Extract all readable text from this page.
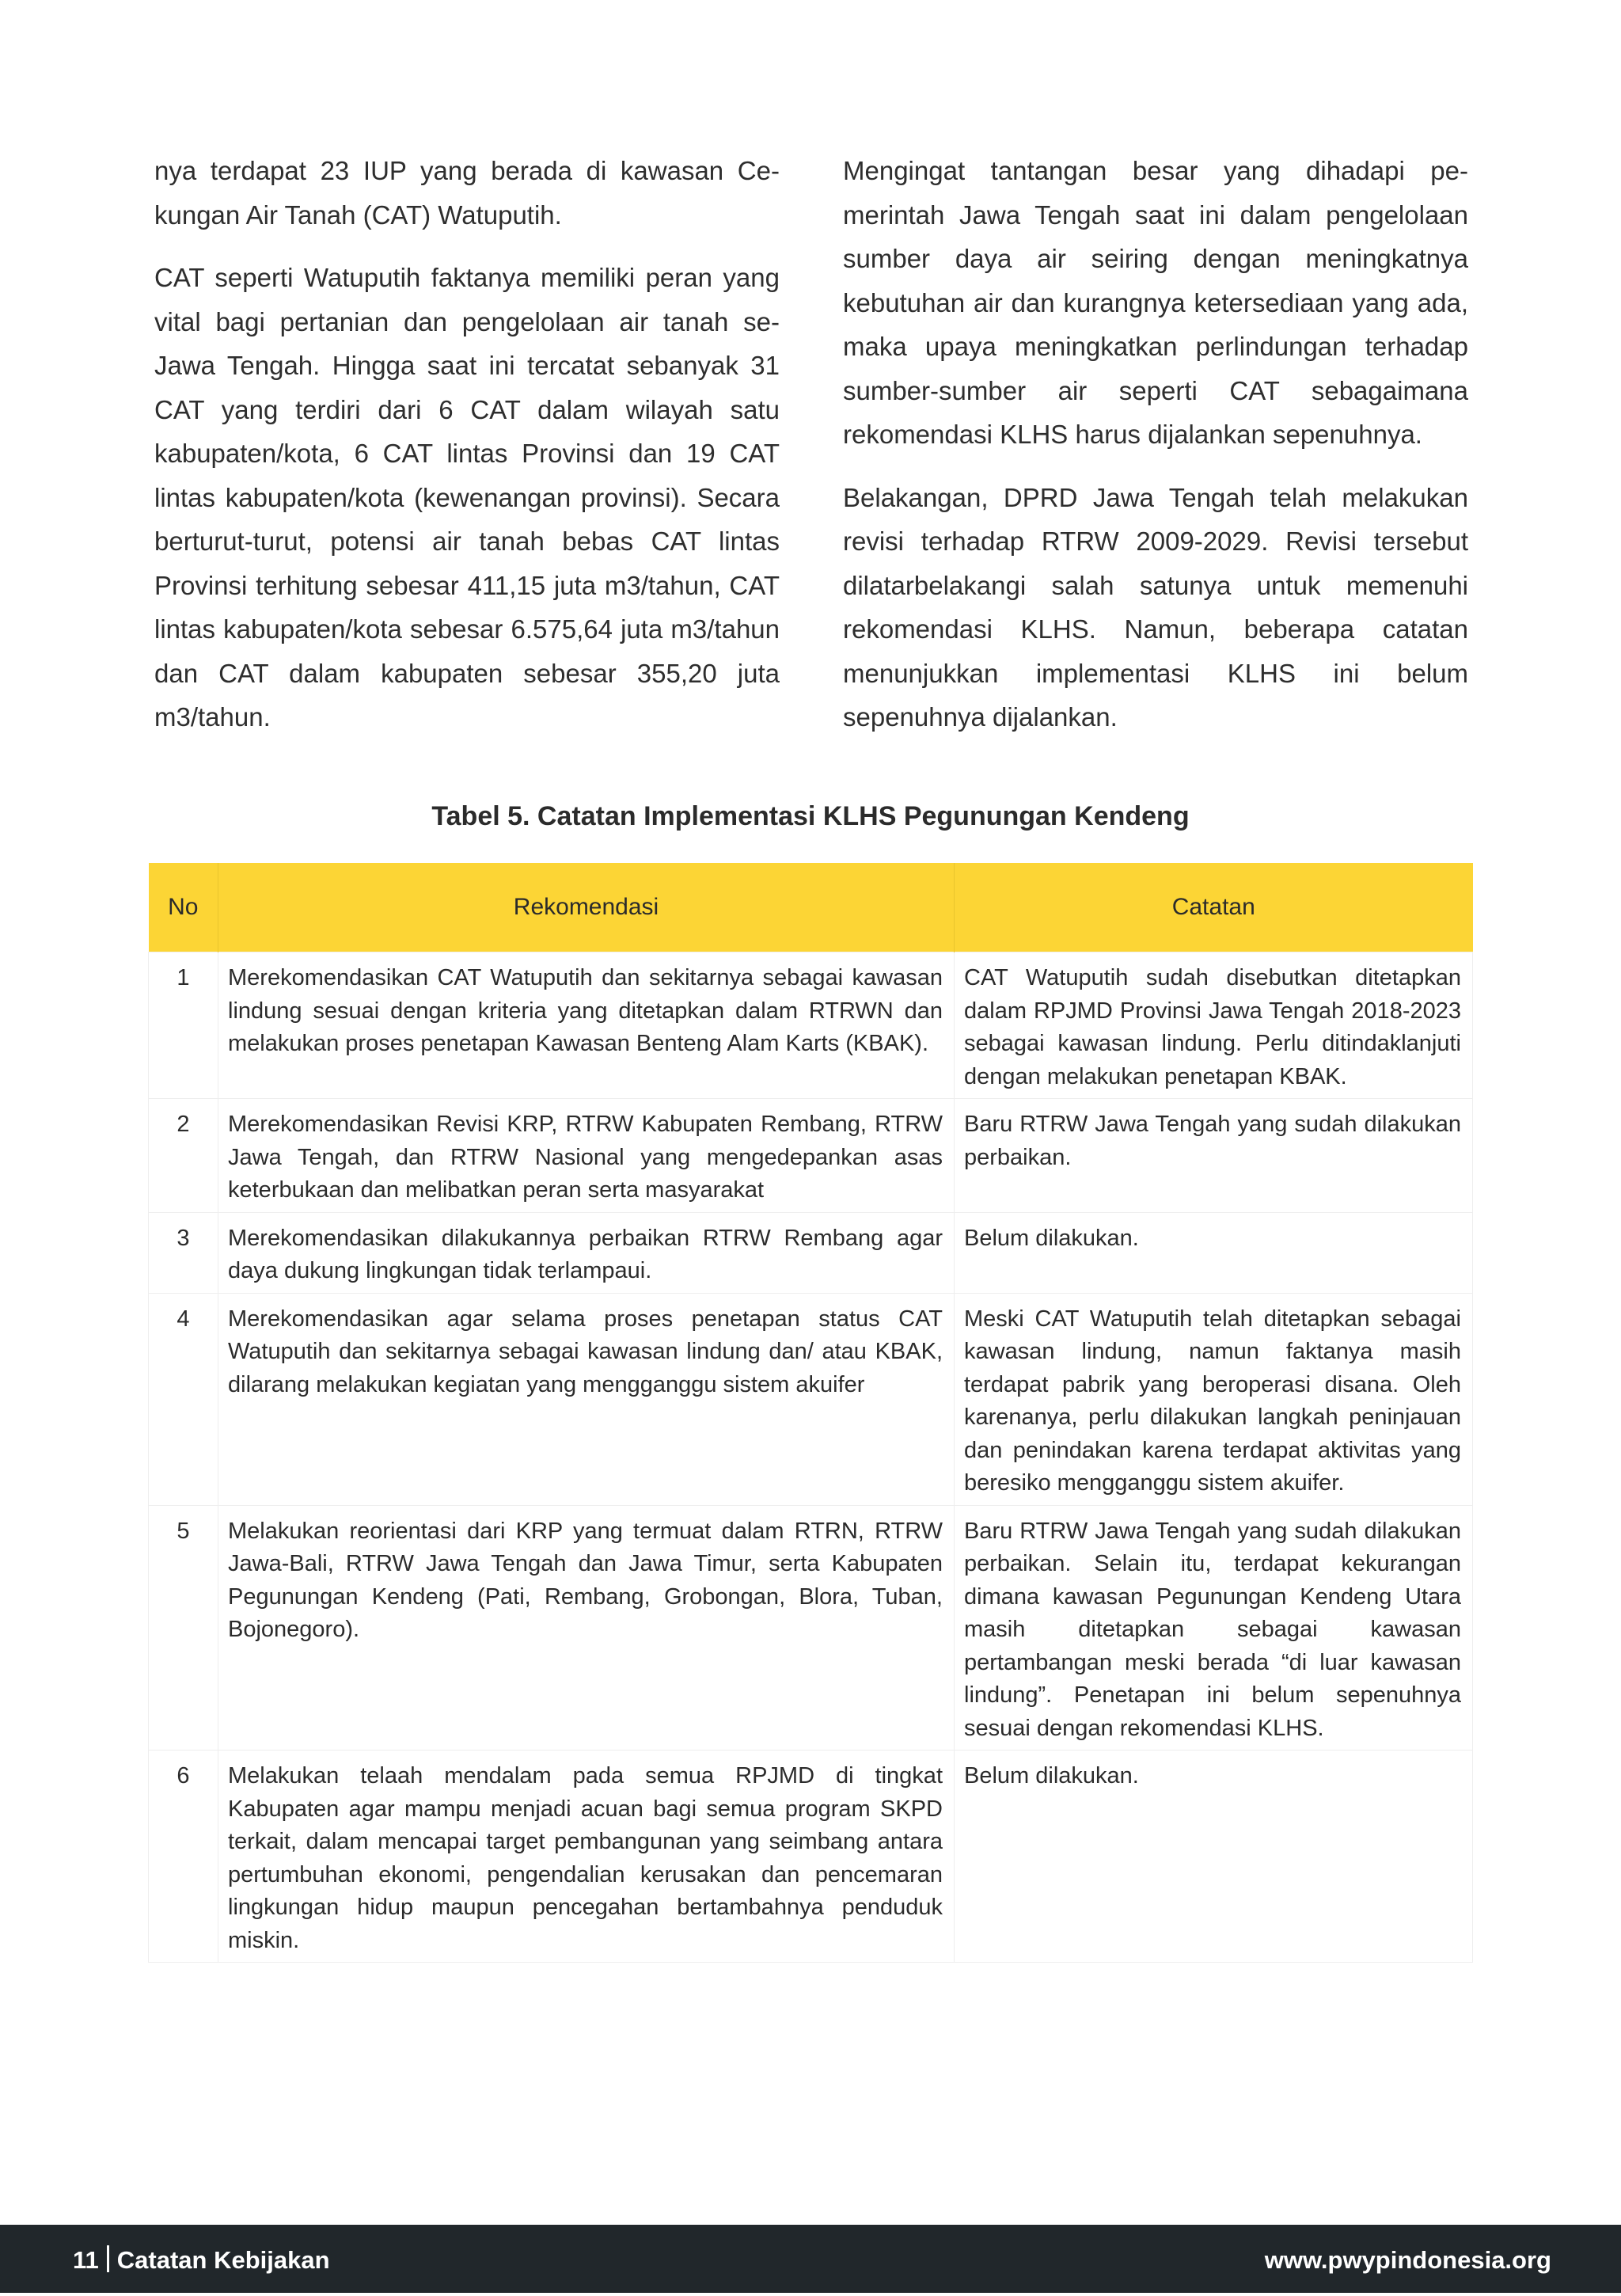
nya terdapat 23 IUP yang berada di kawasan Cekungan Air Tanah (CAT) Watuputih.

CAT seperti Watuputih faktanya memiliki peran yang vital bagi pertanian dan pengelolaan air tanah se-Jawa Tengah. Hingga saat ini tercatat sebanyak 31 CAT yang terdiri dari 6 CAT dalam wilayah satu kabupaten/kota, 6 CAT lintas Provinsi dan 19 CAT lintas kabupaten/kota (kewenangan provinsi). Secara berturut-turut, potensi air tanah bebas CAT lintas Provinsi terhitung sebesar 411,15 juta m3/tahun, CAT lintas kabupaten/kota sebesar 6.575,64 juta m3/tahun dan CAT dalam kabupaten sebesar 355,20 juta m3/tahun.

Mengingat tantangan besar yang dihadapi pemerintah Jawa Tengah saat ini dalam pengelolaan sumber daya air seiring dengan meningkatnya kebutuhan air dan kurangnya ketersediaan yang ada, maka upaya meningkatkan perlindungan terhadap sumber-sumber air seperti CAT sebagaimana rekomendasi KLHS harus dijalankan sepenuhnya.

Belakangan, DPRD Jawa Tengah telah melakukan revisi terhadap RTRW 2009-2029. Revisi tersebut dilatarbelakangi salah satunya untuk memenuhi rekomendasi KLHS. Namun, beberapa catatan menunjukkan implementasi KLHS ini belum sepenuhnya dijalankan.

Tabel 5. Catatan Implementasi KLHS Pegunungan Kendeng
No	Rekomendasi	Catatan
1	Merekomendasikan CAT Watuputih dan sekitarnya sebagai kawasan lindung sesuai dengan kriteria yang ditetapkan dalam RTRWN dan melakukan proses penetapan Kawasan Benteng Alam Karts (KBAK).	CAT Watuputih sudah disebutkan ditetapkan dalam RPJMD Provinsi Jawa Tengah 2018-2023 sebagai kawasan lindung. Perlu ditindaklanjuti dengan melakukan penetapan KBAK.
2	Merekomendasikan Revisi KRP, RTRW Kabupaten Rembang, RTRW Jawa Tengah, dan RTRW Nasional yang mengedepankan asas keterbukaan dan melibatkan peran serta masyarakat	Baru RTRW Jawa Tengah yang sudah dilakukan perbaikan.
3	Merekomendasikan dilakukannya perbaikan RTRW Rembang agar daya dukung lingkungan tidak terlampaui.	Belum dilakukan.
4	Merekomendasikan agar selama proses penetapan status CAT Watuputih dan sekitarnya sebagai kawasan lindung dan/ atau KBAK, dilarang melakukan kegiatan yang mengganggu sistem akuifer	Meski CAT Watuputih telah ditetapkan sebagai kawasan lindung, namun faktanya masih terdapat pabrik yang beroperasi disana. Oleh karenanya, perlu dilakukan langkah peninjauan dan penindakan karena terdapat aktivitas yang beresiko mengganggu sistem akuifer.
5	Melakukan reorientasi dari KRP yang termuat dalam RTRN, RTRW Jawa-Bali, RTRW Jawa Tengah dan Jawa Timur, serta Kabupaten Pegunungan Kendeng (Pati, Rembang, Grobongan, Blora, Tuban, Bojonegoro).	Baru RTRW Jawa Tengah yang sudah dilakukan perbaikan. Selain itu, terdapat kekurangan dimana kawasan Pegunungan Kendeng Utara masih ditetapkan sebagai kawasan pertambangan meski berada “di luar kawasan lindung”. Penetapan ini belum sepenuhnya sesuai dengan rekomendasi KLHS.
6	Melakukan telaah mendalam pada semua RPJMD di tingkat Kabupaten agar mampu menjadi acuan bagi semua program SKPD terkait, dalam mencapai target pembangunan yang seimbang antara pertumbuhan ekonomi, pengendalian kerusakan dan pencemaran lingkungan hidup maupun pencegahan bertambahnya penduduk miskin.	Belum dilakukan.
11 Catatan Kebijakan	www.pwypindonesia.org
